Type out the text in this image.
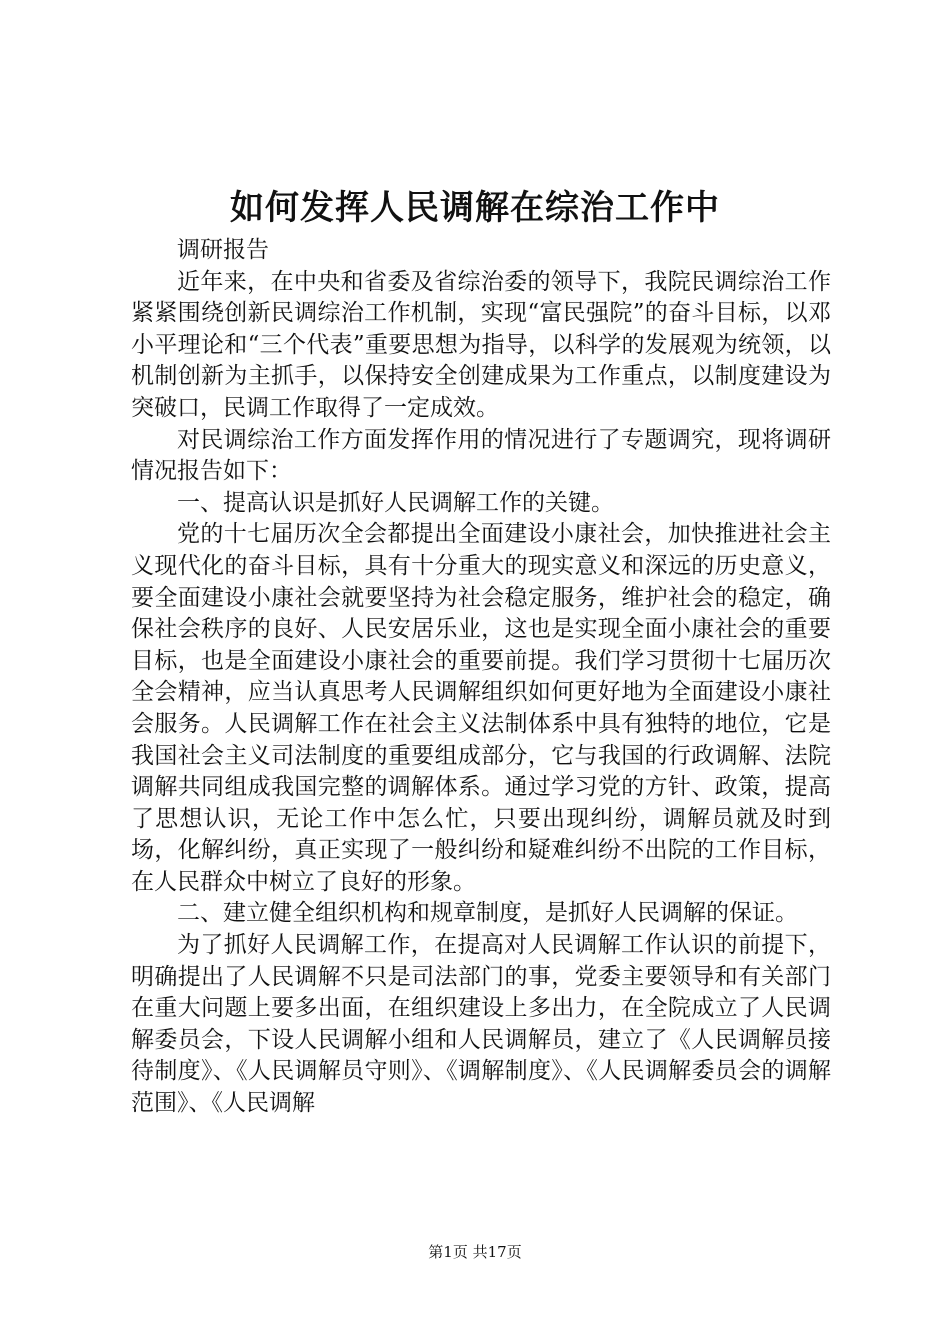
如何发挥人民调解在综治工作中

调研报告

近年来，在中央和省委及省综治委的领导下，我院民调综治工作紧紧围绕创新民调综治工作机制，实现“富民强院”的奋斗目标，以邓小平理论和“三个代表”重要思想为指导，以科学的发展观为统领，以机制创新为主抓手，以保持安全创建成果为工作重点，以制度建设为突破口，民调工作取得了一定成效。

对民调综治工作方面发挥作用的情况进行了专题调究，现将调研情况报告如下：

一、提高认识是抓好人民调解工作的关键。

党的十七届历次全会都提出全面建设小康社会，加快推进社会主义现代化的奋斗目标，具有十分重大的现实意义和深远的历史意义，要全面建设小康社会就要坚持为社会稳定服务，维护社会的稳定，确保社会秩序的良好、人民安居乐业，这也是实现全面小康社会的重要目标，也是全面建设小康社会的重要前提。我们学习贯彻十七届历次全会精神，应当认真思考人民调解组织如何更好地为全面建设小康社会服务。人民调解工作在社会主义法制体系中具有独特的地位，它是我国社会主义司法制度的重要组成部分，它与我国的行政调解、法院调解共同组成我国完整的调解体系。通过学习党的方针、政策，提高了思想认识，无论工作中怎么忙，只要出现纠纷，调解员就及时到场，化解纠纷，真正实现了一般纠纷和疑难纠纷不出院的工作目标，在人民群众中树立了良好的形象。

二、建立健全组织机构和规章制度，是抓好人民调解的保证。

为了抓好人民调解工作，在提高对人民调解工作认识的前提下，明确提出了人民调解不只是司法部门的事，党委主要领导和有关部门在重大问题上要多出面，在组织建设上多出力，在全院成立了人民调解委员会，下设人民调解小组和人民调解员，建立了《人民调解员接待制度》、《人民调解员守则》、《调解制度》、《人民调解委员会的调解范围》、《人民调解

第1页 共17页
